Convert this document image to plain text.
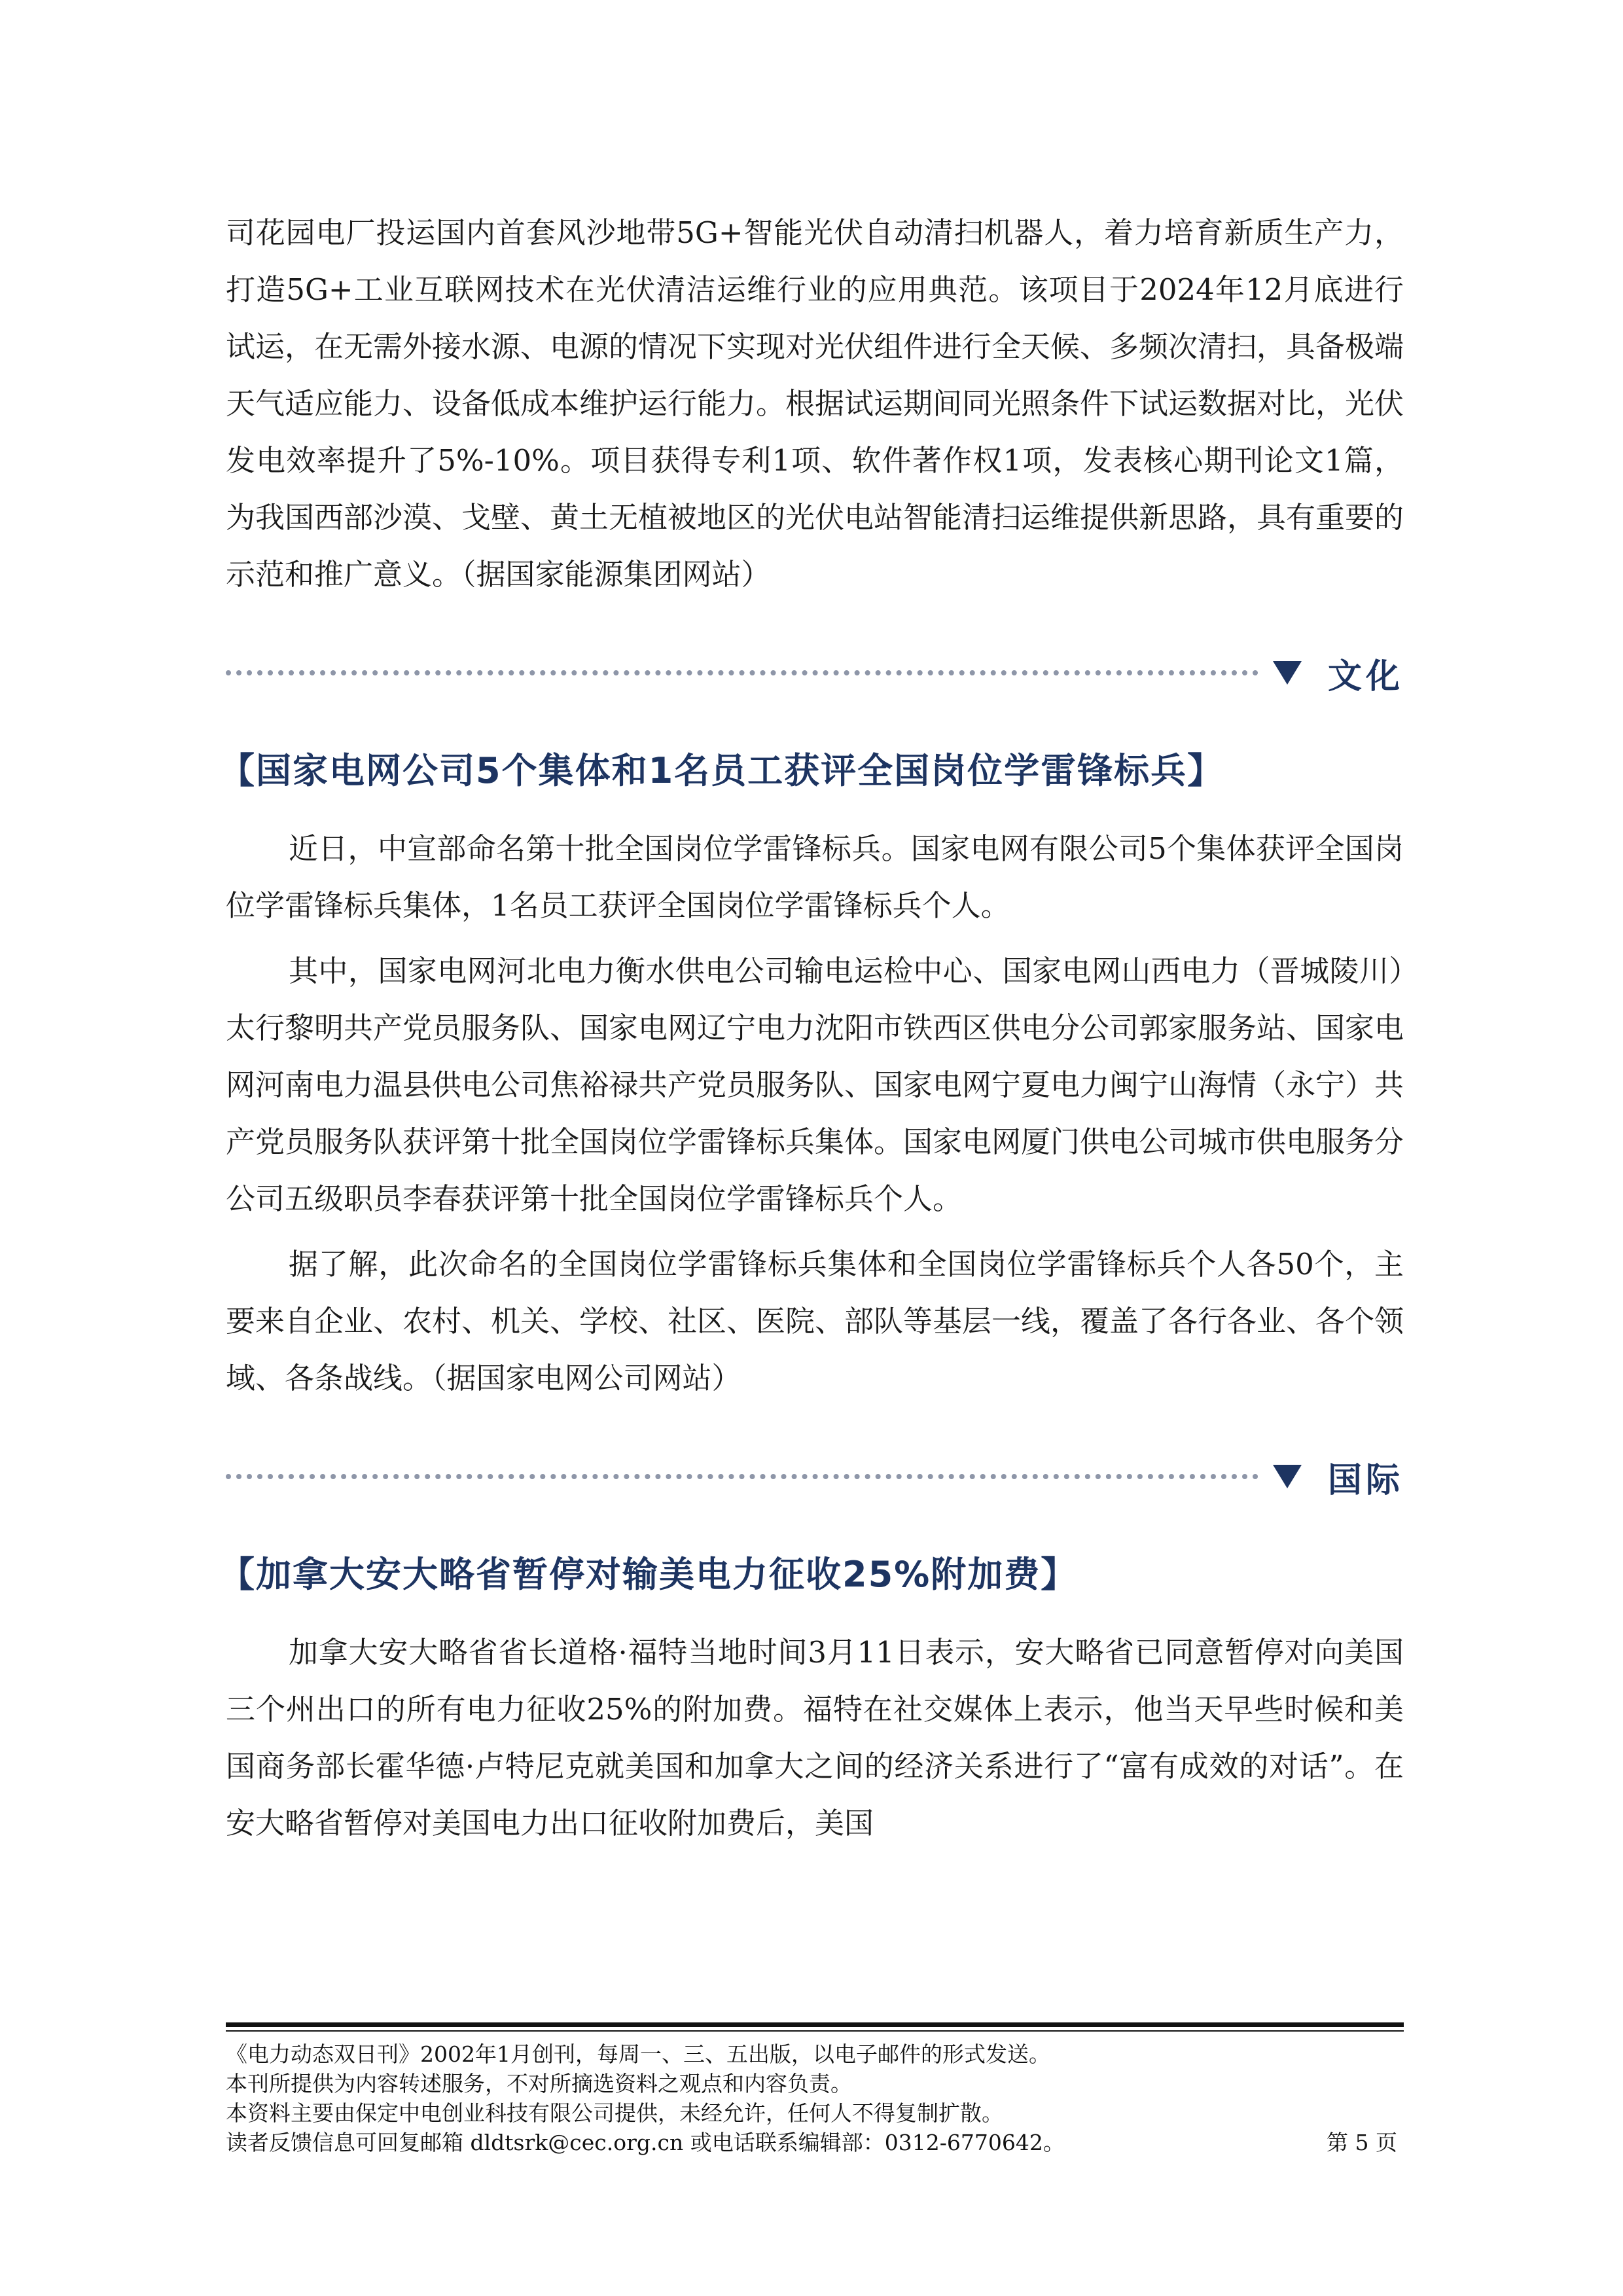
司花园电厂投运国内首套风沙地带5G+智能光伏自动清扫机器人，着力培育新质生产力，打造5G+工业互联网技术在光伏清洁运维行业的应用典范。该项目于2024年12月底进行试运，在无需外接水源、电源的情况下实现对光伏组件进行全天候、多频次清扫，具备极端天气适应能力、设备低成本维护运行能力。根据试运期间同光照条件下试运数据对比，光伏发电效率提升了5%-10%。项目获得专利1项、软件著作权1项，发表核心期刊论文1篇，为我国西部沙漠、戈壁、黄土无植被地区的光伏电站智能清扫运维提供新思路，具有重要的示范和推广意义。（据国家能源集团网站）

文化
【国家电网公司5个集体和1名员工获评全国岗位学雷锋标兵】

近日，中宣部命名第十批全国岗位学雷锋标兵。国家电网有限公司5个集体获评全国岗位学雷锋标兵集体，1名员工获评全国岗位学雷锋标兵个人。

其中，国家电网河北电力衡水供电公司输电运检中心、国家电网山西电力（晋城陵川）太行黎明共产党员服务队、国家电网辽宁电力沈阳市铁西区供电分公司郭家服务站、国家电网河南电力温县供电公司焦裕禄共产党员服务队、国家电网宁夏电力闽宁山海情（永宁）共产党员服务队获评第十批全国岗位学雷锋标兵集体。国家电网厦门供电公司城市供电服务分公司五级职员李春获评第十批全国岗位学雷锋标兵个人。

据了解，此次命名的全国岗位学雷锋标兵集体和全国岗位学雷锋标兵个人各50个，主要来自企业、农村、机关、学校、社区、医院、部队等基层一线，覆盖了各行各业、各个领域、各条战线。（据国家电网公司网站）

国际
【加拿大安大略省暂停对输美电力征收25%附加费】

加拿大安大略省省长道格·福特当地时间3月11日表示，安大略省已同意暂停对向美国三个州出口的所有电力征收25%的附加费。福特在社交媒体上表示，他当天早些时候和美国商务部长霍华德·卢特尼克就美国和加拿大之间的经济关系进行了“富有成效的对话”。在安大略省暂停对美国电力出口征收附加费后，美国

《电力动态双日刊》2002年1月创刊，每周一、三、五出版，以电子邮件的形式发送。

本刊所提供为内容转述服务，不对所摘选资料之观点和内容负责。

本资料主要由保定中电创业科技有限公司提供，未经允许，任何人不得复制扩散。

读者反馈信息可回复邮箱 dldtsrk@cec.org.cn 或电话联系编辑部：0312-6770642。	第 5 页
